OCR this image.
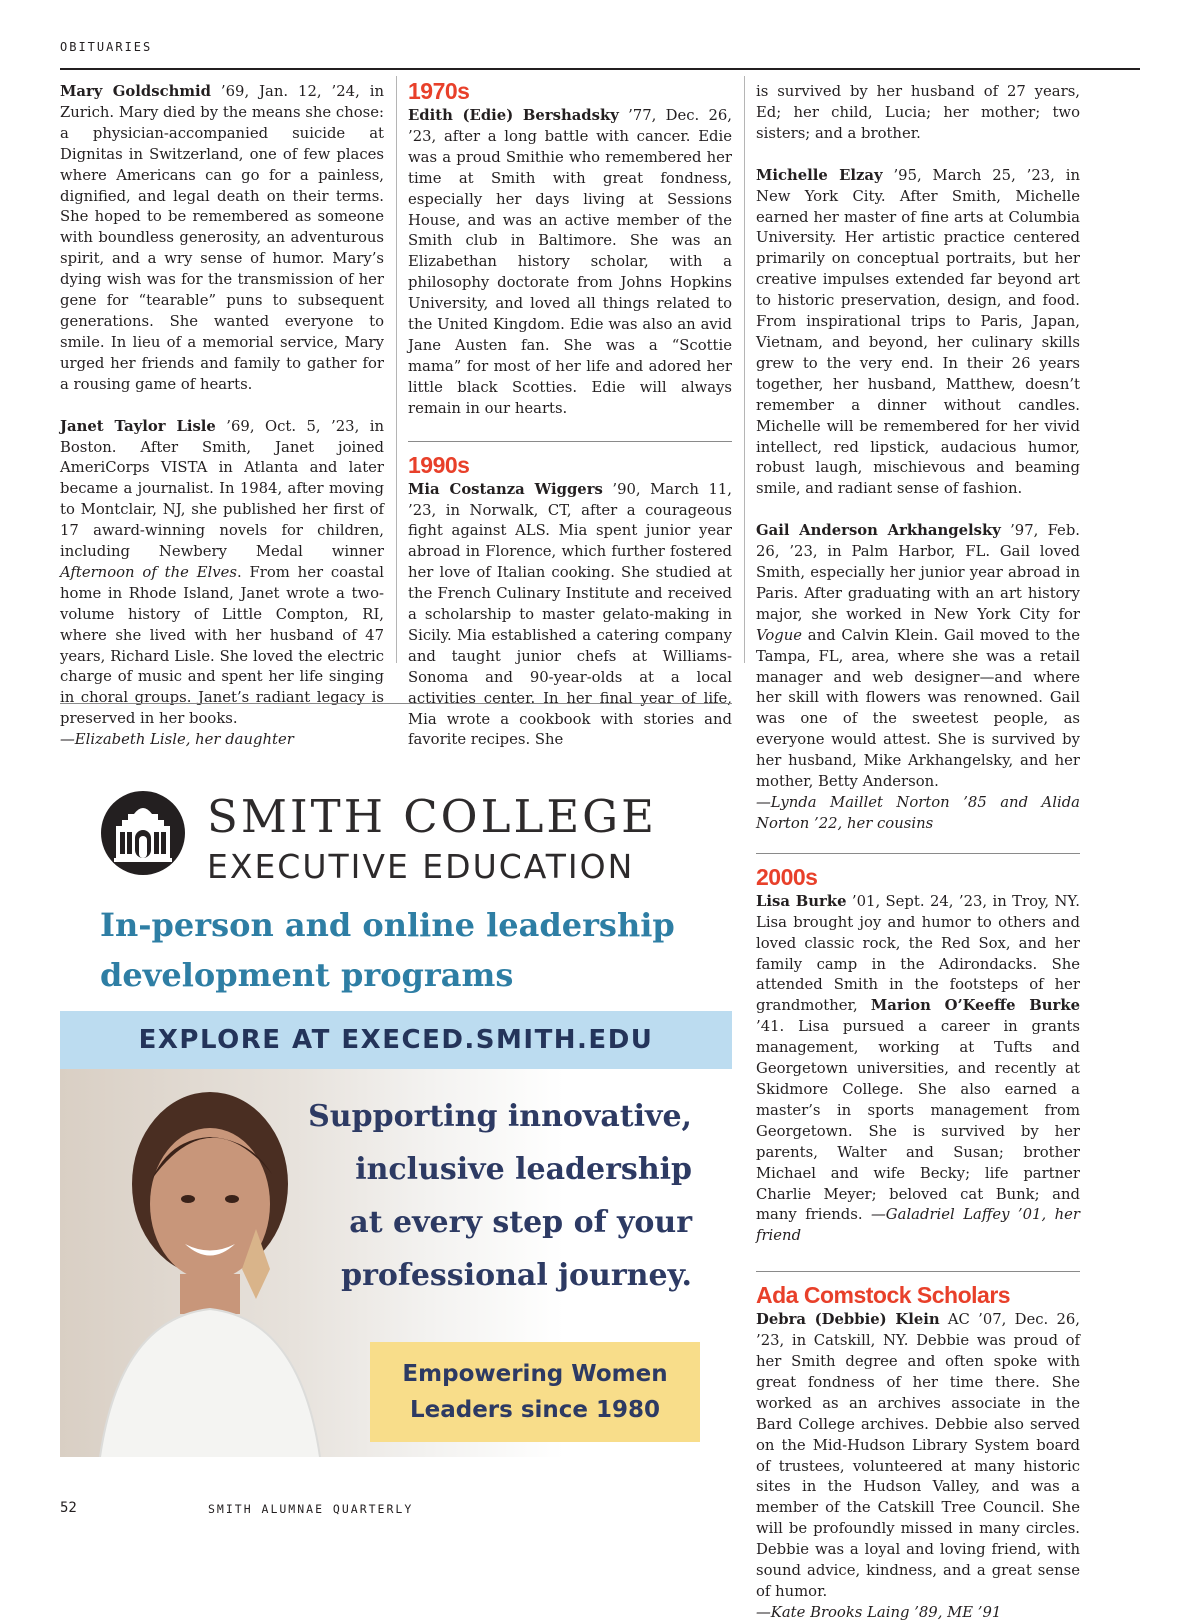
OBITUARIES

Mary Goldschmid ’69, Jan. 12, ’24, in Zurich. Mary died by the means she chose: a physician-accompanied suicide at Dignitas in Switzerland, one of few places where Americans can go for a painless, dignified, and legal death on their terms. She hoped to be remembered as someone with boundless generosity, an adventurous spirit, and a wry sense of humor. Mary’s dying wish was for the transmission of her gene for “tearable” puns to subsequent generations. She wanted everyone to smile. In lieu of a memorial service, Mary urged her friends and family to gather for a rousing game of hearts.

Janet Taylor Lisle ’69, Oct. 5, ’23, in Boston. After Smith, Janet joined AmeriCorps VISTA in Atlanta and later became a journalist. In 1984, after moving to Montclair, NJ, she published her first of 17 award-winning novels for children, including Newbery Medal winner Afternoon of the Elves. From her coastal home in Rhode Island, Janet wrote a two-volume history of Little Compton, RI, where she lived with her husband of 47 years, Richard Lisle. She loved the electric charge of music and spent her life singing in choral groups. Janet’s radiant legacy is preserved in her books.
—Elizabeth Lisle, her daughter

1970s

Edith (Edie) Bershadsky ’77, Dec. 26, ’23, after a long battle with cancer. Edie was a proud Smithie who remembered her time at Smith with great fondness, especially her days living at Sessions House, and was an active member of the Smith club in Baltimore. She was an Elizabethan history scholar, with a philosophy doctorate from Johns Hopkins University, and loved all things related to the United Kingdom. Edie was also an avid Jane Austen fan. She was a “Scottie mama” for most of her life and adored her little black Scotties. Edie will always remain in our hearts.

1990s

Mia Costanza Wiggers ’90, March 11, ’23, in Norwalk, CT, after a courageous fight against ALS. Mia spent junior year abroad in Florence, which further fostered her love of Italian cooking. She studied at the French Culinary Institute and received a scholarship to master gelato-making in Sicily. Mia established a catering company and taught junior chefs at Williams-Sonoma and 90-year-olds at a local activities center. In her final year of life, Mia wrote a cookbook with stories and favorite recipes. She

is survived by her husband of 27 years, Ed; her child, Lucia; her mother; two sisters; and a brother.

Michelle Elzay ’95, March 25, ’23, in New York City. After Smith, Michelle earned her master of fine arts at Columbia University. Her artistic practice centered primarily on conceptual portraits, but her creative impulses extended far beyond art to historic preservation, design, and food. From inspirational trips to Paris, Japan, Vietnam, and beyond, her culinary skills grew to the very end. In their 26 years together, her husband, Matthew, doesn’t remember a dinner without candles. Michelle will be remembered for her vivid intellect, red lipstick, audacious humor, robust laugh, mischievous and beaming smile, and radiant sense of fashion.

Gail Anderson Arkhangelsky ’97, Feb. 26, ’23, in Palm Harbor, FL. Gail loved Smith, especially her junior year abroad in Paris. After graduating with an art history major, she worked in New York City for Vogue and Calvin Klein. Gail moved to the Tampa, FL, area, where she was a retail manager and web designer—and where her skill with flowers was renowned. Gail was one of the sweetest people, as everyone would attest. She is survived by her husband, Mike Arkhangelsky, and her mother, Betty Anderson.
—Lynda Maillet Norton ’85 and Alida Norton ’22, her cousins

2000s

Lisa Burke ’01, Sept. 24, ’23, in Troy, NY. Lisa brought joy and humor to others and loved classic rock, the Red Sox, and her family camp in the Adirondacks. She attended Smith in the footsteps of her grandmother, Marion O’Keeffe Burke ’41. Lisa pursued a career in grants management, working at Tufts and Georgetown universities, and recently at Skidmore College. She also earned a master’s in sports management from Georgetown. She is survived by her parents, Walter and Susan; brother Michael and wife Becky; life partner Charlie Meyer; beloved cat Bunk; and many friends. —Galadriel Laffey ’01, her friend

Ada Comstock Scholars

Debra (Debbie) Klein AC ’07, Dec. 26, ’23, in Catskill, NY. Debbie was proud of her Smith degree and often spoke with great fondness of her time there. She worked as an archives associate in the Bard College archives. Debbie also served on the Mid-Hudson Library System board of trustees, volunteered at many historic sites in the Hudson Valley, and was a member of the Catskill Tree Council. She will be profoundly missed in many circles. Debbie was a loyal and loving friend, with sound advice, kindness, and a great sense of humor.
—Kate Brooks Laing ’89, ME ’91

SMITH COLLEGE
EXECUTIVE EDUCATION
In-person and online leadership
development programs
EXPLORE AT EXECED.SMITH.EDU
Supporting innovative,
inclusive leadership
at every step of your
professional journey.
Empowering Women
Leaders since 1980
52	SMITH ALUMNAE QUARTERLY
